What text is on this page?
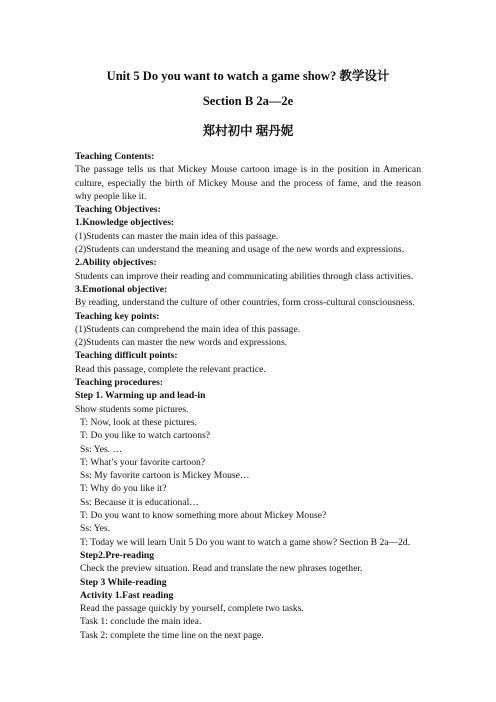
Unit 5 Do you want to watch a game show? 教学设计
Section B 2a—2e
郑村初中 琚丹妮

Teaching Contents:

The passage tells us that Mickey Mouse cartoon image is in the position in American culture, especially the birth of Mickey Mouse and the process of fame, and the reason why people like it.

Teaching Objectives:

1.Knowledge objectives:

(1)Students can master the main idea of this passage.

(2)Students can understand the meaning and usage of the new words and expressions.

2.Ability objectives:

Students can improve their reading and communicating abilities through class activities.

3.Emotional objective:

By reading, understand the culture of other countries, form cross-cultural consciousness.

Teaching key points:

(1)Students can comprehend the main idea of this passage.

(2)Students can master the new words and expressions.

Teaching difficult points:

Read this passage, complete the relevant practice.

Teaching procedures:

Step 1. Warming up and lead-in

Show students some pictures.

T: Now, look at these pictures.

T: Do you like to watch cartoons?

Ss: Yes. …

T: What’s your favorite cartoon?

Ss: My favorite cartoon is Mickey Mouse…

T: Why do you like it?

Ss: Because it is educational…

T: Do you want to know something more about Mickey Mouse?

Ss: Yes.

T: Today we will learn Unit 5 Do you want to watch a game show? Section B 2a—2d.

Step2.Pre-reading

Check the preview situation. Read and translate the new phrases together.

Step 3 While-reading

Activity 1.Fast reading

Read the passage quickly by yourself, complete two tasks.

Task 1: conclude the main idea.

Task 2: complete the time line on the next page.
